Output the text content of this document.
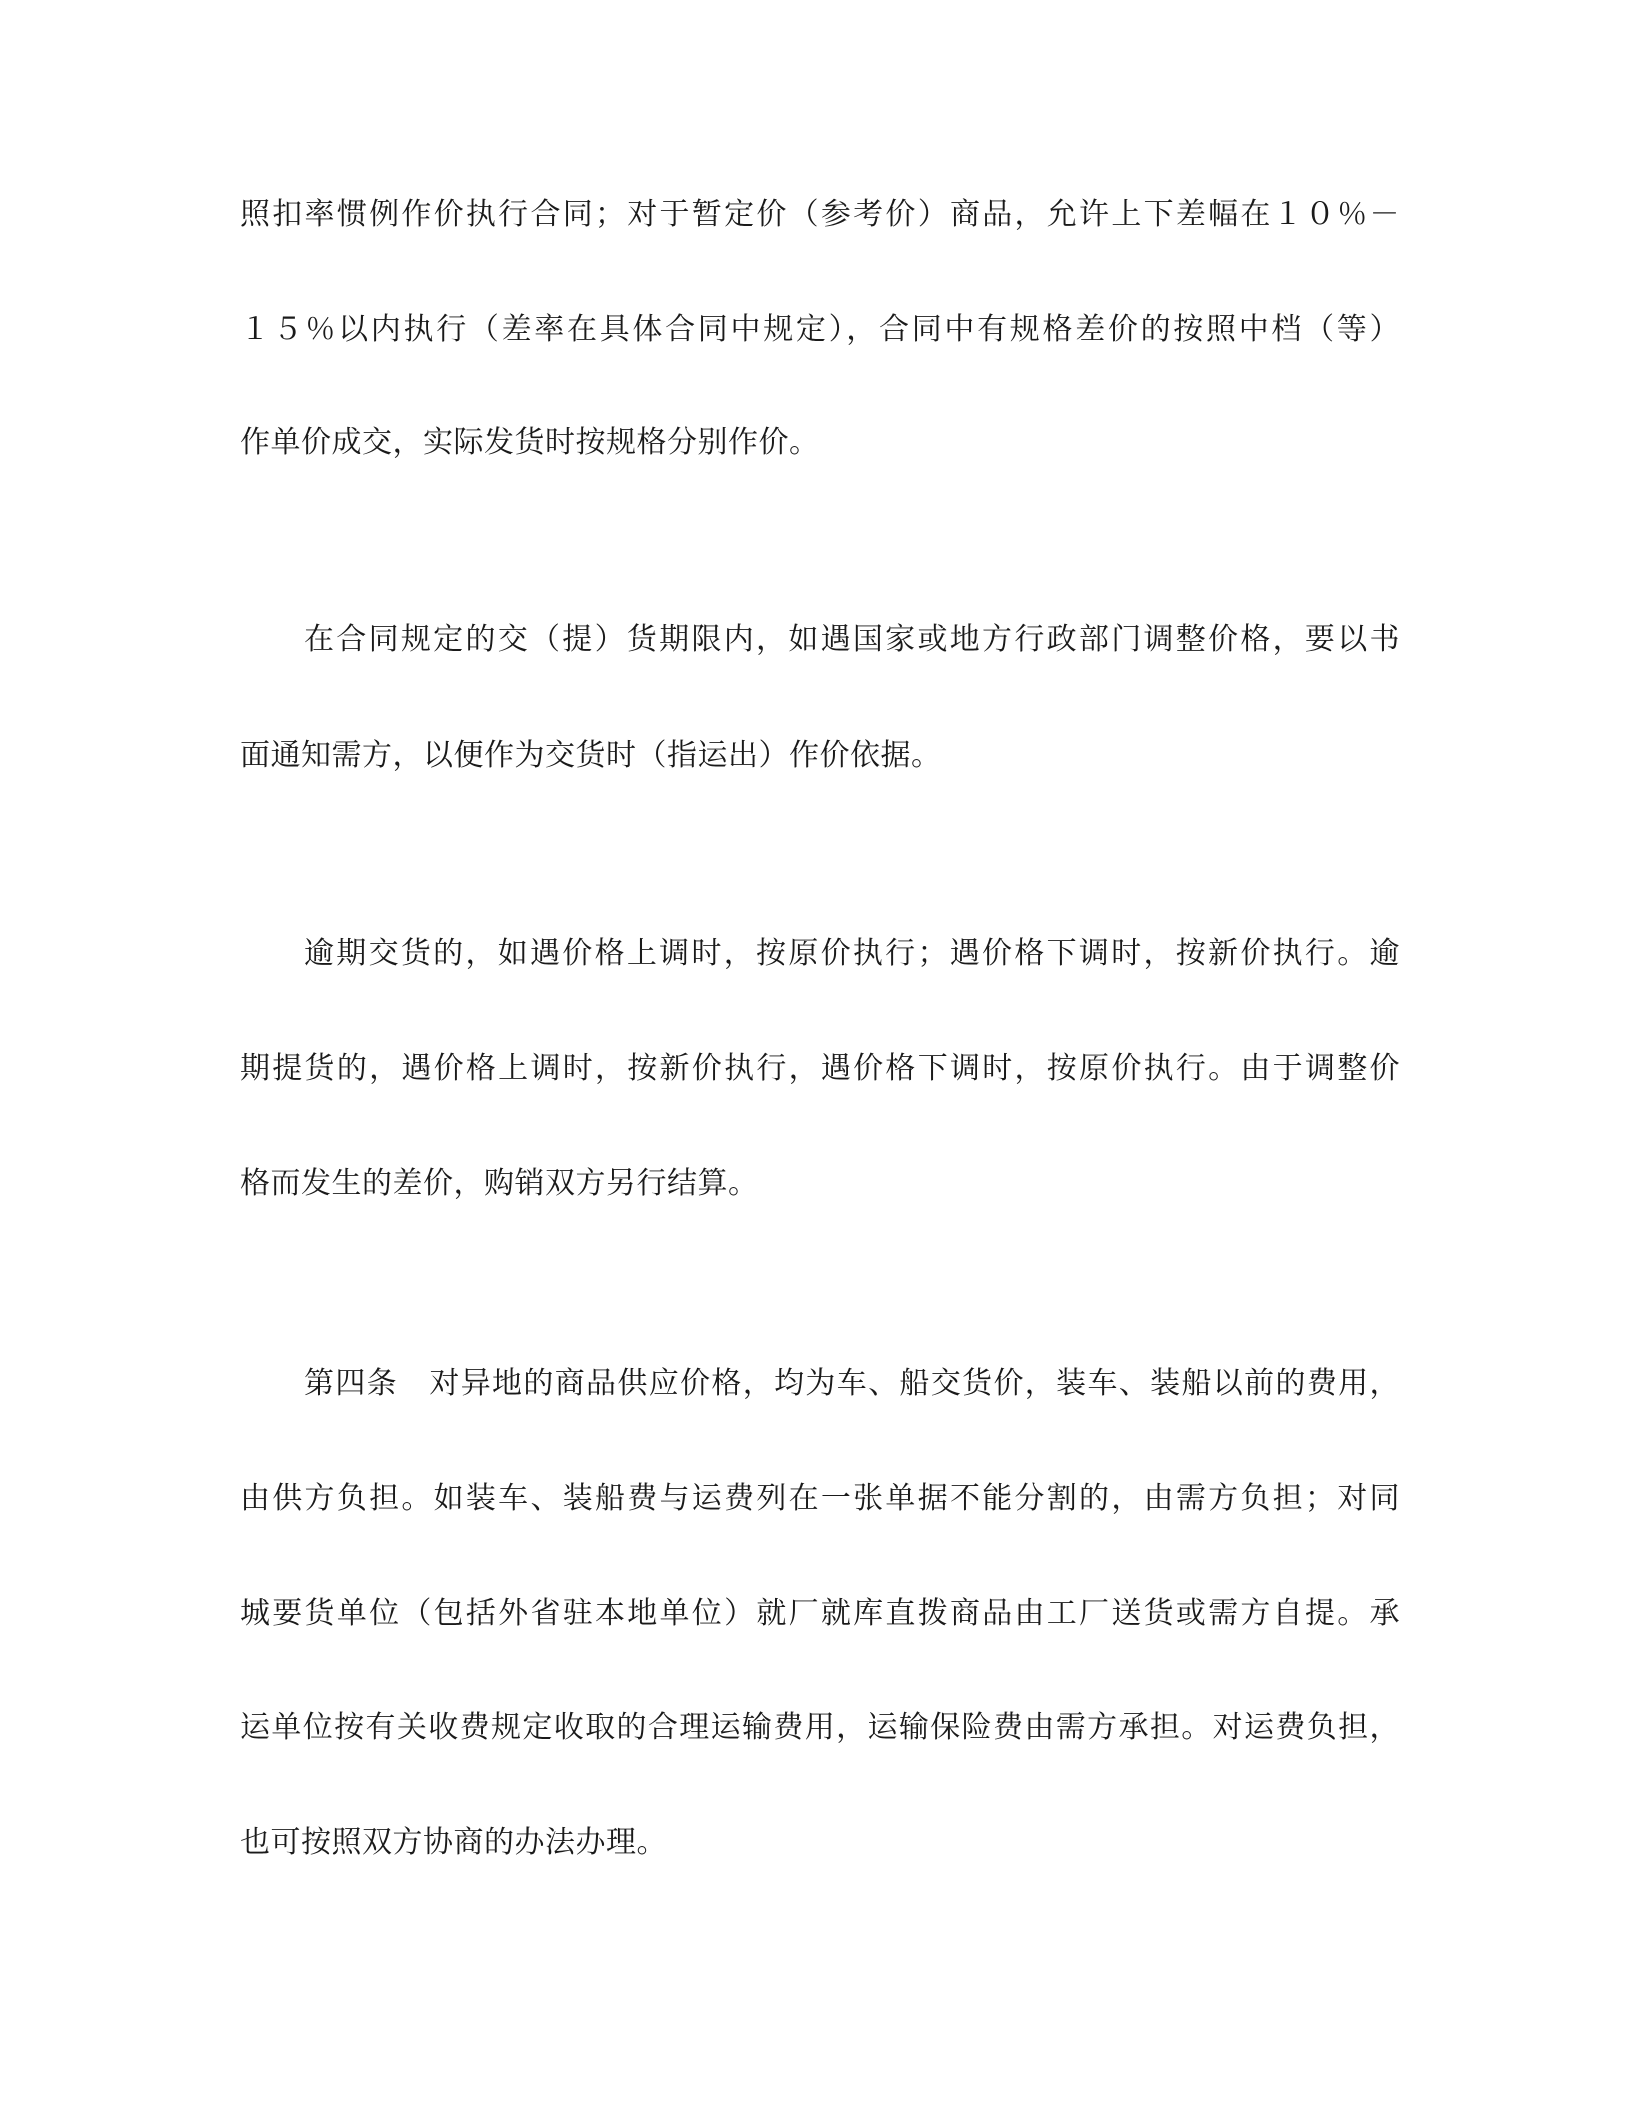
照扣率惯例作价执行合同；对于暂定价（参考价）商品，允许上下差幅在１０％－
１５％以内执行（差率在具体合同中规定），合同中有规格差价的按照中档（等）
作单价成交，实际发货时按规格分别作价。
在合同规定的交（提）货期限内，如遇国家或地方行政部门调整价格，要以书
面通知需方，以便作为交货时（指运出）作价依据。
逾期交货的，如遇价格上调时，按原价执行；遇价格下调时，按新价执行。逾
期提货的，遇价格上调时，按新价执行，遇价格下调时，按原价执行。由于调整价
格而发生的差价，购销双方另行结算。
第四条　对异地的商品供应价格，均为车、船交货价，装车、装船以前的费用，
由供方负担。如装车、装船费与运费列在一张单据不能分割的，由需方负担；对同
城要货单位（包括外省驻本地单位）就厂就库直拨商品由工厂送货或需方自提。承
运单位按有关收费规定收取的合理运输费用，运输保险费由需方承担。对运费负担，
也可按照双方协商的办法办理。
